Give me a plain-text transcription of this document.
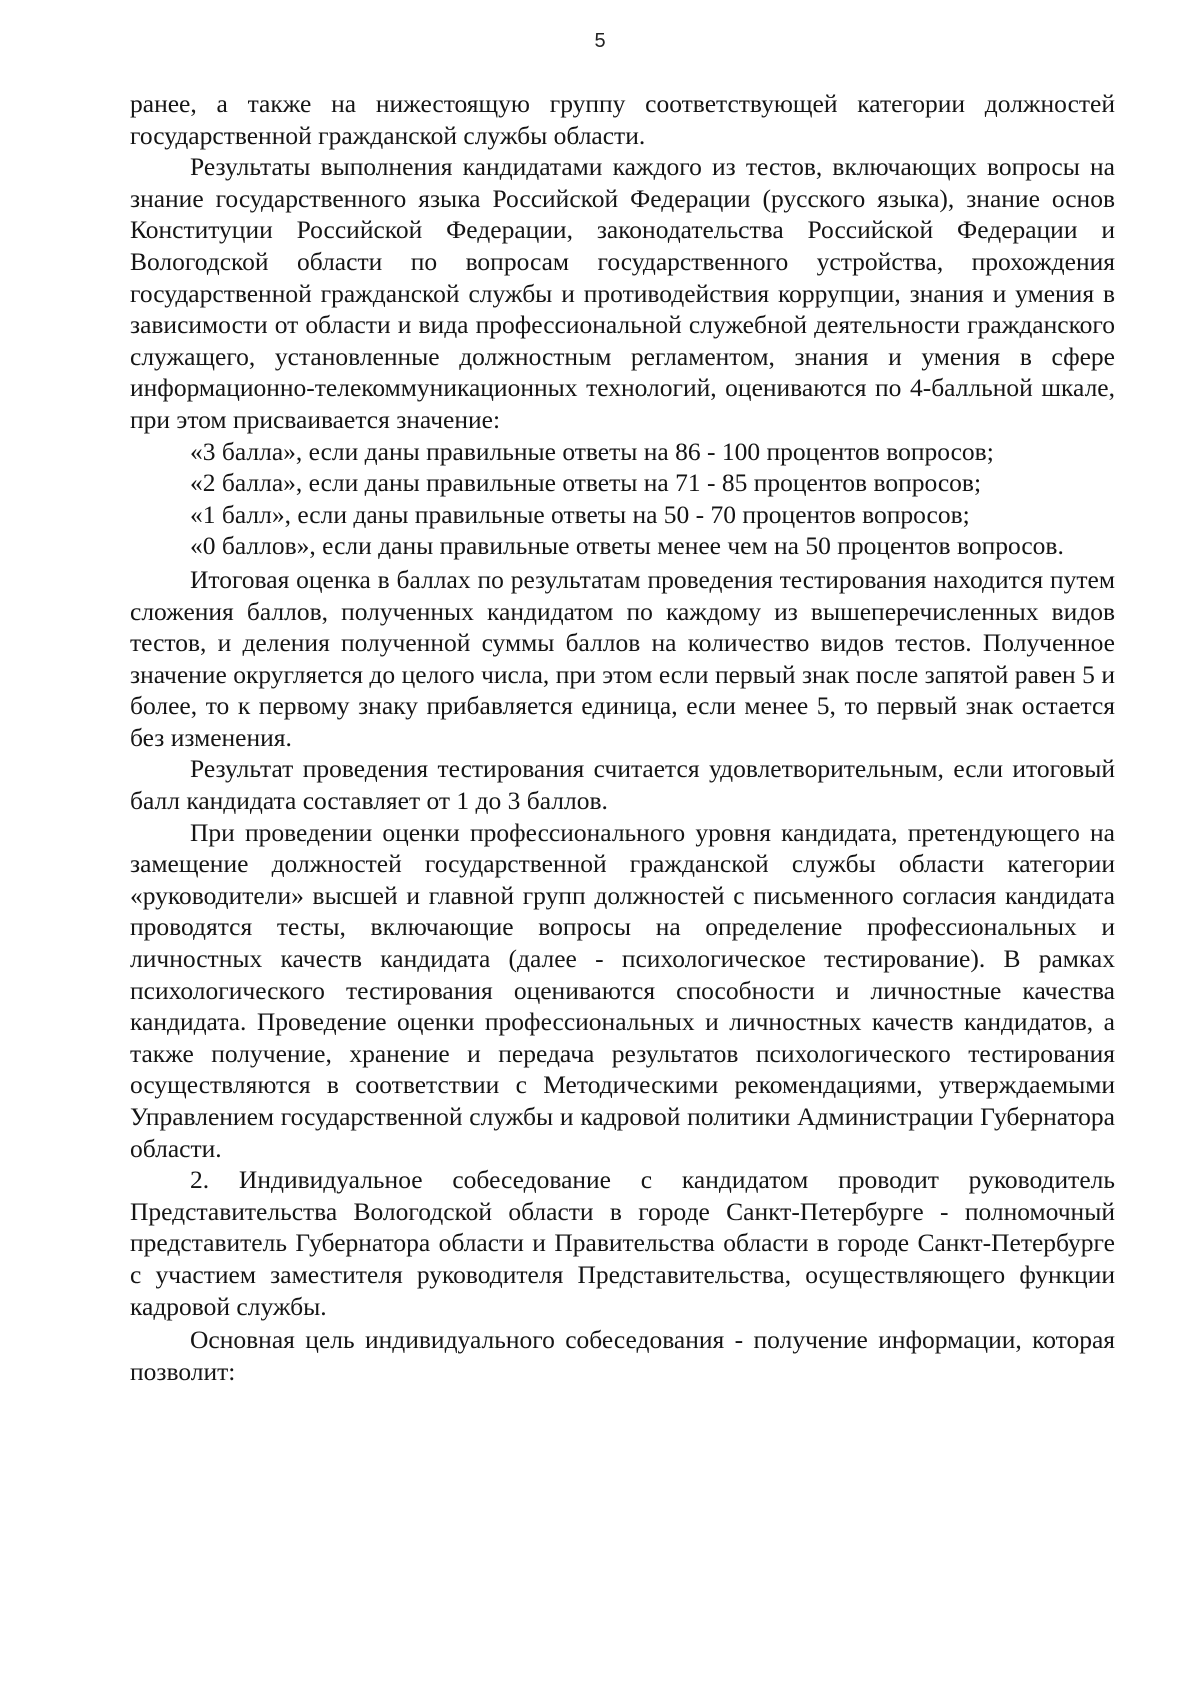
5

ранее, а также на нижестоящую группу соответствующей категории должностей государственной гражданской службы области.

Результаты выполнения кандидатами каждого из тестов, включающих вопросы на знание государственного языка Российской Федерации (русского языка), знание основ Конституции Российской Федерации, законодательства Российской Федерации и Вологодской области по вопросам государственного устройства, прохождения государственной гражданской службы и противодействия коррупции, знания и умения в зависимости от области и вида профессиональной служебной деятельности гражданского служащего, установленные должностным регламентом, знания и умения в сфере информационно-телекоммуникационных технологий, оцениваются по 4-балльной шкале, при этом присваивается значение:

«3 балла», если даны правильные ответы на 86 - 100 процентов вопросов;

«2 балла», если даны правильные ответы на 71 - 85 процентов вопросов;

«1 балл», если даны правильные ответы на 50 - 70 процентов вопросов;

«0 баллов», если даны правильные ответы менее чем на 50 процентов вопросов.

Итоговая оценка в баллах по результатам проведения тестирования находится путем сложения баллов, полученных кандидатом по каждому из вышеперечисленных видов тестов, и деления полученной суммы баллов на количество видов тестов. Полученное значение округляется до целого числа, при этом если первый знак после запятой равен 5 и более, то к первому знаку прибавляется единица, если менее 5, то первый знак остается без изменения.

Результат проведения тестирования считается удовлетворительным, если итоговый балл кандидата составляет от 1 до 3 баллов.

При проведении оценки профессионального уровня кандидата, претендующего на замещение должностей государственной гражданской службы области категории «руководители» высшей и главной групп должностей с письменного согласия кандидата проводятся тесты, включающие вопросы на определение профессиональных и личностных качеств кандидата (далее - психологическое тестирование). В рамках психологического тестирования оцениваются способности и личностные качества кандидата. Проведение оценки профессиональных и личностных качеств кандидатов, а также получение, хранение и передача результатов психологического тестирования осуществляются в соответствии с Методическими рекомендациями, утверждаемыми Управлением государственной службы и кадровой политики Администрации Губернатора области.

2. Индивидуальное собеседование с кандидатом проводит руководитель Представительства Вологодской области в городе Санкт-Петербурге - полномочный представитель Губернатора области и Правительства области в городе Санкт-Петербурге с участием заместителя руководителя Представительства, осуществляющего функции кадровой службы.

Основная цель индивидуального собеседования - получение информации, которая позволит:
